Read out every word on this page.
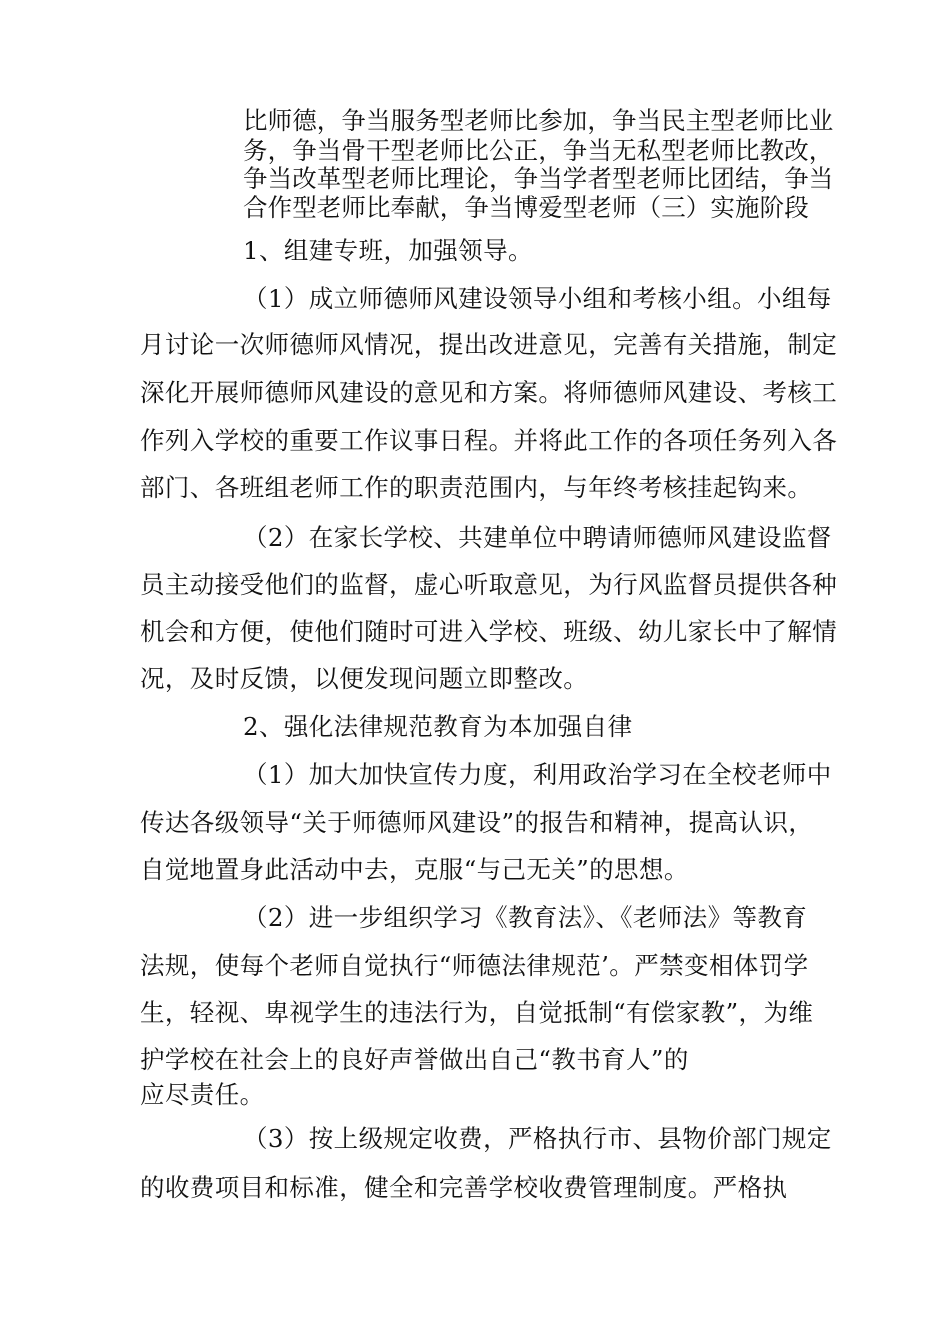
比师德，争当服务型老师比参加，争当民主型老师比业
务，争当骨干型老师比公正，争当无私型老师比教改，
争当改革型老师比理论，争当学者型老师比团结，争当
合作型老师比奉献，争当博爱型老师（三）实施阶段
1、组建专班，加强领导。
（1）成立师德师风建设领导小组和考核小组。小组每
月讨论一次师德师风情况，提出改进意见，完善有关措施，制定
深化开展师德师风建设的意见和方案。将师德师风建设、考核工
作列入学校的重要工作议事日程。并将此工作的各项任务列入各
部门、各班组老师工作的职责范围内，与年终考核挂起钩来。
（2）在家长学校、共建单位中聘请师德师风建设监督
员主动接受他们的监督，虚心听取意见，为行风监督员提供各种
机会和方便，使他们随时可进入学校、班级、幼儿家长中了解情
况，及时反馈，以便发现问题立即整改。
2、强化法律规范教育为本加强自律
（1）加大加快宣传力度，利用政治学习在全校老师中
传达各级领导“关于师德师风建设”的报告和精神，提高认识，
自觉地置身此活动中去，克服“与己无关”的思想。
（2）进一步组织学习《教育法》、《老师法》等教育
法规，使每个老师自觉执行“师德法律规范’。严禁变相体罚学
生，轻视、卑视学生的违法行为，自觉抵制“有偿家教”，为维
护学校在社会上的良好声誉做出自己“教书育人”的
应尽责任。
（3）按上级规定收费，严格执行市、县物价部门规定
的收费项目和标准，健全和完善学校收费管理制度。严格执
